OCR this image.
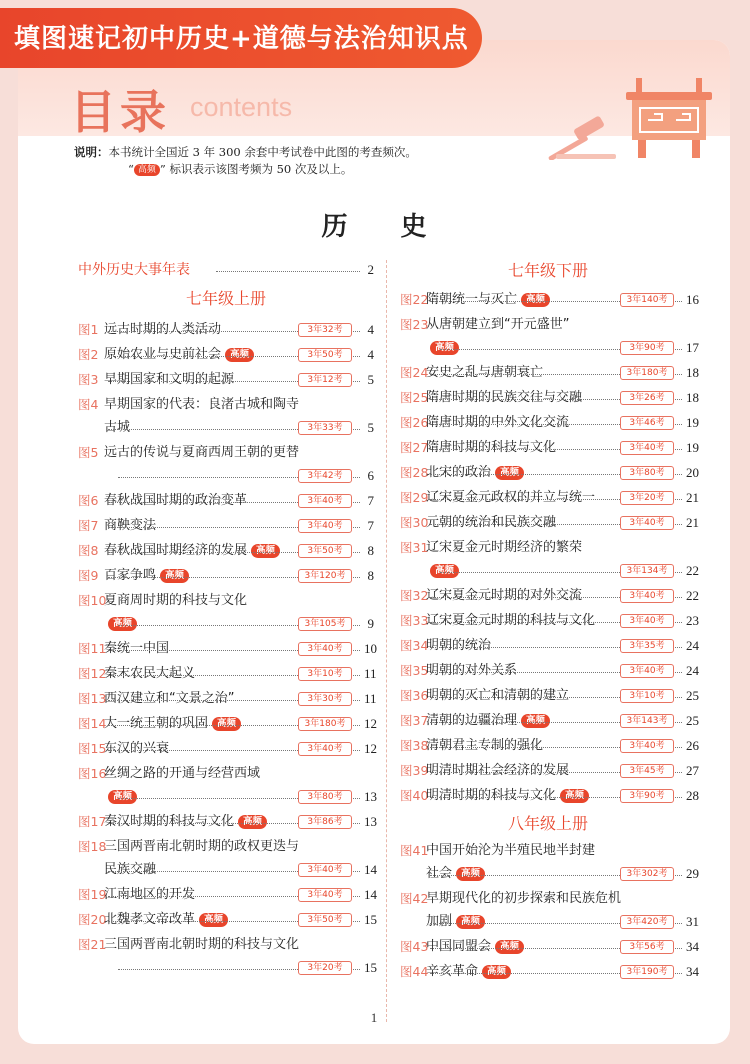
填图速记初中历史+道德与法治知识点
目录 contents
说明：本书统计全国近 3 年 300 余套中考试卷中此图的考查频次。
“ 高频 ” 标识表示该图考频为 50 次及以上。
历 史
中外历史大事年表	2
七年级上册
图1 远古时期的人类活动	3年32考	4
图2 原始农业与史前社会 高频	3年50考	4
图3 早期国家和文明的起源	3年12考	5
图4 早期国家的代表：良渚古城和陶寺
古城	3年33考	5
图5 远古的传说与夏商西周王朝的更替
3年42考	6
图6 春秋战国时期的政治变革	3年40考	7
图7 商鞅变法	3年40考	7
图8 春秋战国时期经济的发展 高频	3年50考	8
图9 百家争鸣 高频	3年120考	8
图10
夏商周时期的科技与文化
高频	3年105考	9
图11
秦统一中国	3年40考	10
图12
秦末农民大起义	3年10考	11
图13
西汉建立和“文景之治”	3年30考	11
图14
大一统王朝的巩固 高频	3年180考	12
图15
东汉的兴衰	3年40考	12
图16
丝绸之路的开通与经营西域
高频	3年80考	13
图17
秦汉时期的科技与文化 高频	3年86考	13
图18
三国两晋南北朝时期的政权更迭与
民族交融	3年40考	14
图19
江南地区的开发	3年40考	14
图20
北魏孝文帝改革 高频	3年50考	15
图21
三国两晋南北朝时期的科技与文化
3年20考	15
七年级下册
图22
隋朝统一与灭亡 高频	3年140考	16
图23
从唐朝建立到“开元盛世”
高频	3年90考	17
图24
安史之乱与唐朝衰亡	3年180考	18
图25
隋唐时期的民族交往与交融	3年26考	18
图26
隋唐时期的中外文化交流	3年46考	19
图27
隋唐时期的科技与文化	3年40考	19
图28
北宋的政治 高频	3年80考	20
图29
辽宋夏金元政权的并立与统一	3年20考	21
图30
元朝的统治和民族交融	3年40考	21
图31
辽宋夏金元时期经济的繁荣
高频	3年134考	22
图32
辽宋夏金元时期的对外交流	3年40考	22
图33
辽宋夏金元时期的科技与文化	3年40考	23
图34
明朝的统治	3年35考	24
图35
明朝的对外关系	3年40考	24
图36
明朝的灭亡和清朝的建立	3年10考	25
图37
清朝的边疆治理 高频	3年143考	25
图38
清朝君主专制的强化	3年40考	26
图39
明清时期社会经济的发展	3年45考	27
图40
明清时期的科技与文化 高频	3年90考	28
八年级上册
图41
中国开始沦为半殖民地半封建
社会 高频	3年302考	29
图42
早期现代化的初步探索和民族危机
加剧 高频	3年420考	31
图43
中国同盟会 高频	3年56考	34
图44
辛亥革命 高频	3年190考	34
1
